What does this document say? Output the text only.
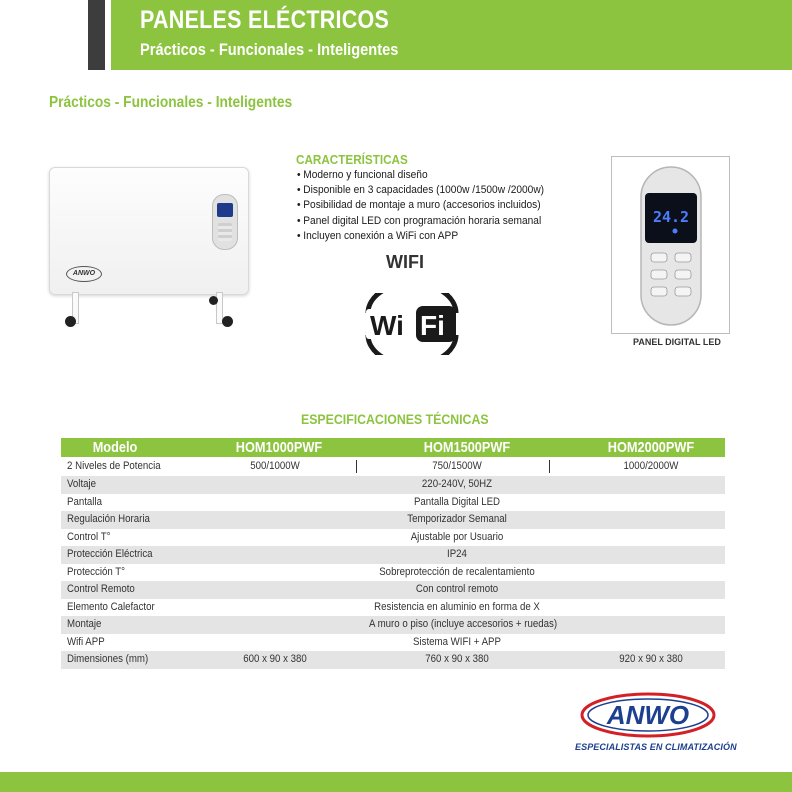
PANELES ELÉCTRICOS
Prácticos - Funcionales - Inteligentes
Prácticos - Funcionales - Inteligentes
ANWO
CARACTERÍSTICAS
• Moderno y funcional diseño
• Disponible en 3 capacidades (1000w /1500w /2000w)
• Posibilidad de montaje a muro (accesorios incluidos)
• Panel digital LED con programación horaria semanal
• Incluyen conexión a WiFi con APP
WIFI
Wi Fi
24.2
PANEL DIGITAL LED
ESPECIFICACIONES TÉCNICAS
Modelo	HOM1000PWF	HOM1500PWF	HOM2000PWF
2 Niveles de Potencia	500/1000W	750/1500W	1000/2000W
Voltaje	220-240V, 50HZ
Pantalla	Pantalla Digital LED
Regulación Horaria	Temporizador Semanal
Control T°	Ajustable por Usuario
Protección Eléctrica	IP24
Protección T°	Sobreprotección de recalentamiento
Control Remoto	Con control remoto
Elemento Calefactor	Resistencia en aluminio en forma de X
Montaje	A muro o piso (incluye accesorios + ruedas)
Wifi APP	Sistema WIFI + APP
Dimensiones (mm)	600 x 90 x 380	760 x 90 x 380	920 x 90 x 380
ANWO
ESPECIALISTAS EN CLIMATIZACIÓN
